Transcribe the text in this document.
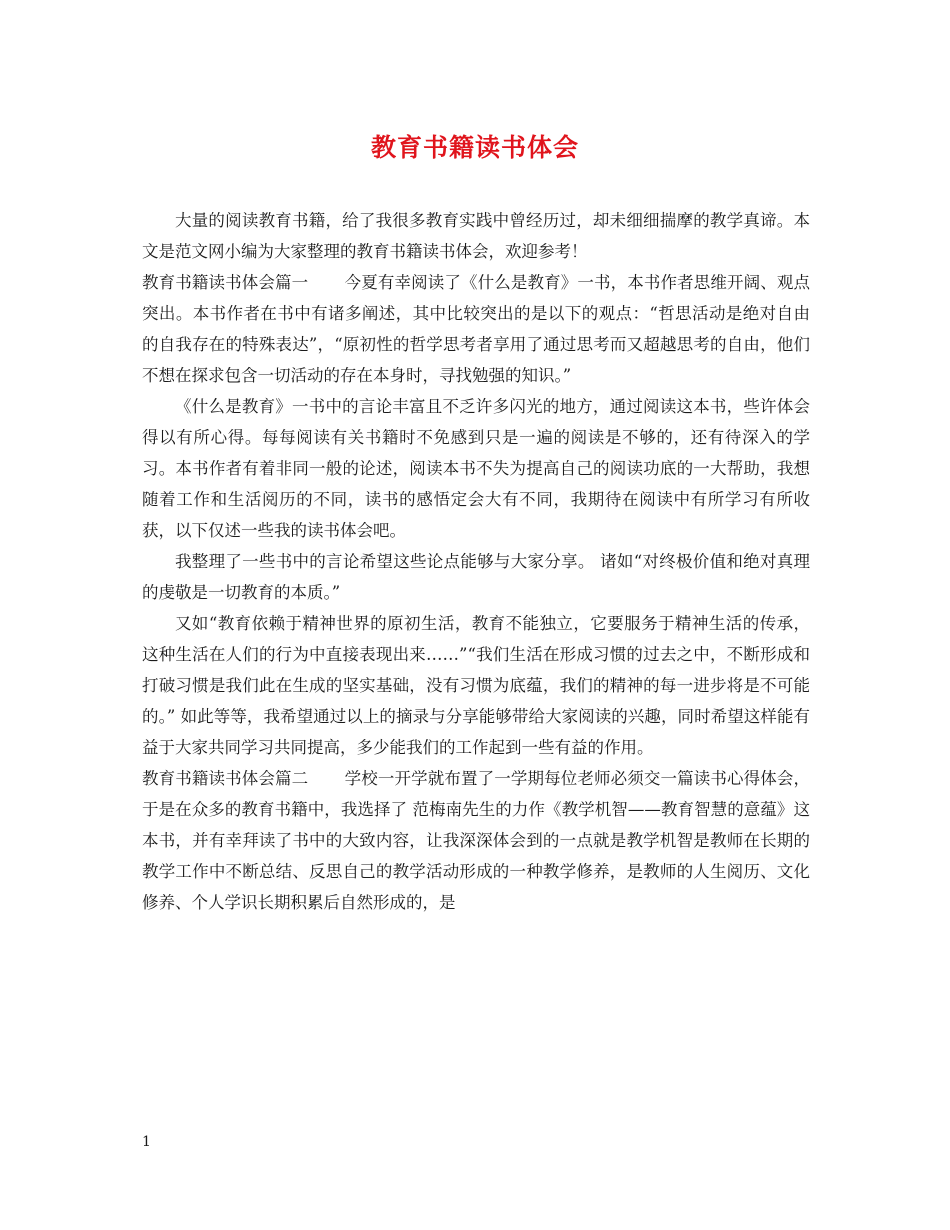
教育书籍读书体会

大量的阅读教育书籍，给了我很多教育实践中曾经历过，却未细细揣摩的教学真谛。本文是范文网小编为大家整理的教育书籍读书体会，欢迎参考！

教育书籍读书体会篇一 今夏有幸阅读了《什么是教育》一书，本书作者思维开阔、观点突出。本书作者在书中有诸多阐述，其中比较突出的是以下的观点：“哲思活动是绝对自由的自我存在的特殊表达”，“原初性的哲学思考者享用了通过思考而又超越思考的自由，他们不想在探求包含一切活动的存在本身时，寻找勉强的知识。”

《什么是教育》一书中的言论丰富且不乏许多闪光的地方，通过阅读这本书，些许体会得以有所心得。每每阅读有关书籍时不免感到只是一遍的阅读是不够的，还有待深入的学习。本书作者有着非同一般的论述，阅读本书不失为提高自己的阅读功底的一大帮助，我想随着工作和生活阅历的不同，读书的感悟定会大有不同，我期待在阅读中有所学习有所收获，以下仅述一些我的读书体会吧。

我整理了一些书中的言论希望这些论点能够与大家分享。 诸如“对终极价值和绝对真理的虔敬是一切教育的本质。”

又如“教育依赖于精神世界的原初生活，教育不能独立，它要服务于精神生活的传承，这种生活在人们的行为中直接表现出来……”“我们生活在形成习惯的过去之中，不断形成和打破习惯是我们此在生成的坚实基础，没有习惯为底蕴，我们的精神的每一进步将是不可能的。” 如此等等，我希望通过以上的摘录与分享能够带给大家阅读的兴趣，同时希望这样能有益于大家共同学习共同提高，多少能我们的工作起到一些有益的作用。

教育书籍读书体会篇二 学校一开学就布置了一学期每位老师必须交一篇读书心得体会，于是在众多的教育书籍中，我选择了 范梅南先生的力作《教学机智——教育智慧的意蕴》这本书，并有幸拜读了书中的大致内容，让我深深体会到的一点就是教学机智是教师在长期的教学工作中不断总结、反思自己的教学活动形成的一种教学修养，是教师的人生阅历、文化修养、个人学识长期积累后自然形成的，是

1
